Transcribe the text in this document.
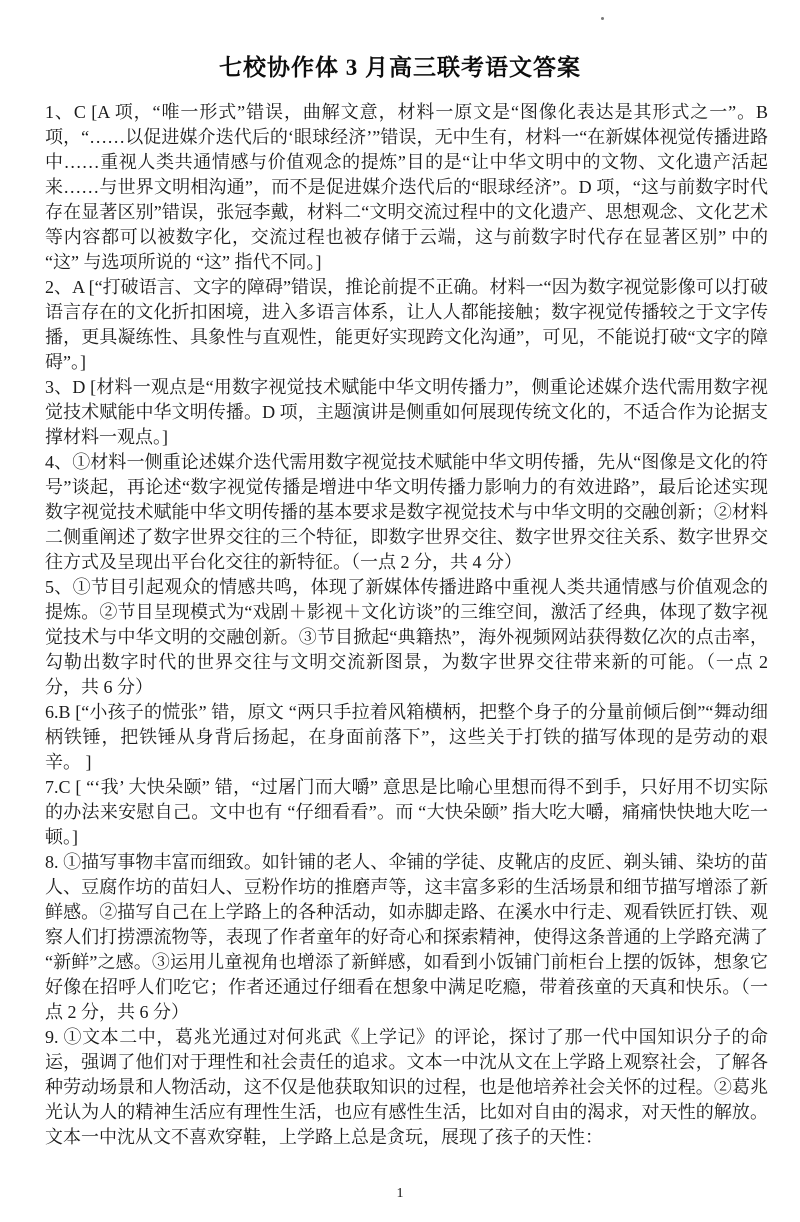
七校协作体 3 月高三联考语文答案

1、C [A 项，“唯一形式”错误，曲解文意，材料一原文是“图像化表达是其形式之一”。B 项，“……以促进媒介迭代后的‘眼球经济’”错误，无中生有，材料一“在新媒体视觉传播进路中……重视人类共通情感与价值观念的提炼”目的是“让中华文明中的文物、文化遗产活起来……与世界文明相沟通”，而不是促进媒介迭代后的“眼球经济”。D 项，“这与前数字时代存在显著区别”错误，张冠李戴，材料二“文明交流过程中的文化遗产、思想观念、文化艺术等内容都可以被数字化，交流过程也被存储于云端，这与前数字时代存在显著区别” 中的 “这” 与选项所说的 “这” 指代不同。]

2、A [“打破语言、文字的障碍”错误，推论前提不正确。材料一“因为数字视觉影像可以打破语言存在的文化折扣困境，进入多语言体系，让人人都能接触；数字视觉传播较之于文字传播，更具凝练性、具象性与直观性，能更好实现跨文化沟通”，可见，不能说打破“文字的障碍”。]

3、D [材料一观点是“用数字视觉技术赋能中华文明传播力”，侧重论述媒介迭代需用数字视觉技术赋能中华文明传播。D 项，主题演讲是侧重如何展现传统文化的，不适合作为论据支撑材料一观点。]

4、①材料一侧重论述媒介迭代需用数字视觉技术赋能中华文明传播，先从“图像是文化的符号”谈起，再论述“数字视觉传播是增进中华文明传播力影响力的有效进路”，最后论述实现数字视觉技术赋能中华文明传播的基本要求是数字视觉技术与中华文明的交融创新；②材料二侧重阐述了数字世界交往的三个特征，即数字世界交往、数字世界交往关系、数字世界交往方式及呈现出平台化交往的新特征。（一点 2 分，共 4 分）

5、①节目引起观众的情感共鸣，体现了新媒体传播进路中重视人类共通情感与价值观念的提炼。②节目呈现模式为“戏剧＋影视＋文化访谈”的三维空间，激活了经典，体现了数字视觉技术与中华文明的交融创新。③节目掀起“典籍热”，海外视频网站获得数亿次的点击率，勾勒出数字时代的世界交往与文明交流新图景，为数字世界交往带来新的可能。（一点 2 分，共 6 分）

6.B [“小孩子的慌张” 错，原文 “两只手拉着风箱横柄，把整个身子的分量前倾后倒”“舞动细柄铁锤，把铁锤从身背后扬起，在身面前落下”，这些关于打铁的描写体现的是劳动的艰辛。 ]

7.C [ “‘我’ 大快朵颐” 错，“过屠门而大嚼” 意思是比喻心里想而得不到手，只好用不切实际的办法来安慰自己。文中也有 “仔细看看”。而 “大快朵颐” 指大吃大嚼，痛痛快快地大吃一顿。]

8. ①描写事物丰富而细致。如针铺的老人、伞铺的学徒、皮靴店的皮匠、剃头铺、染坊的苗人、豆腐作坊的苗妇人、豆粉作坊的推磨声等，这丰富多彩的生活场景和细节描写增添了新鲜感。②描写自己在上学路上的各种活动，如赤脚走路、在溪水中行走、观看铁匠打铁、观察人们打捞漂流物等，表现了作者童年的好奇心和探索精神，使得这条普通的上学路充满了“新鲜”之感。③运用儿童视角也增添了新鲜感，如看到小饭铺门前柜台上摆的饭钵，想象它好像在招呼人们吃它；作者还通过仔细看在想象中满足吃瘾，带着孩童的天真和快乐。（一点 2 分，共 6 分）

9. ①文本二中，葛兆光通过对何兆武《上学记》的评论，探讨了那一代中国知识分子的命运，强调了他们对于理性和社会责任的追求。文本一中沈从文在上学路上观察社会，了解各种劳动场景和人物活动，这不仅是他获取知识的过程，也是他培养社会关怀的过程。②葛兆光认为人的精神生活应有理性生活，也应有感性生活，比如对自由的渴求，对天性的解放。文本一中沈从文不喜欢穿鞋，上学路上总是贪玩，展现了孩子的天性：

1
